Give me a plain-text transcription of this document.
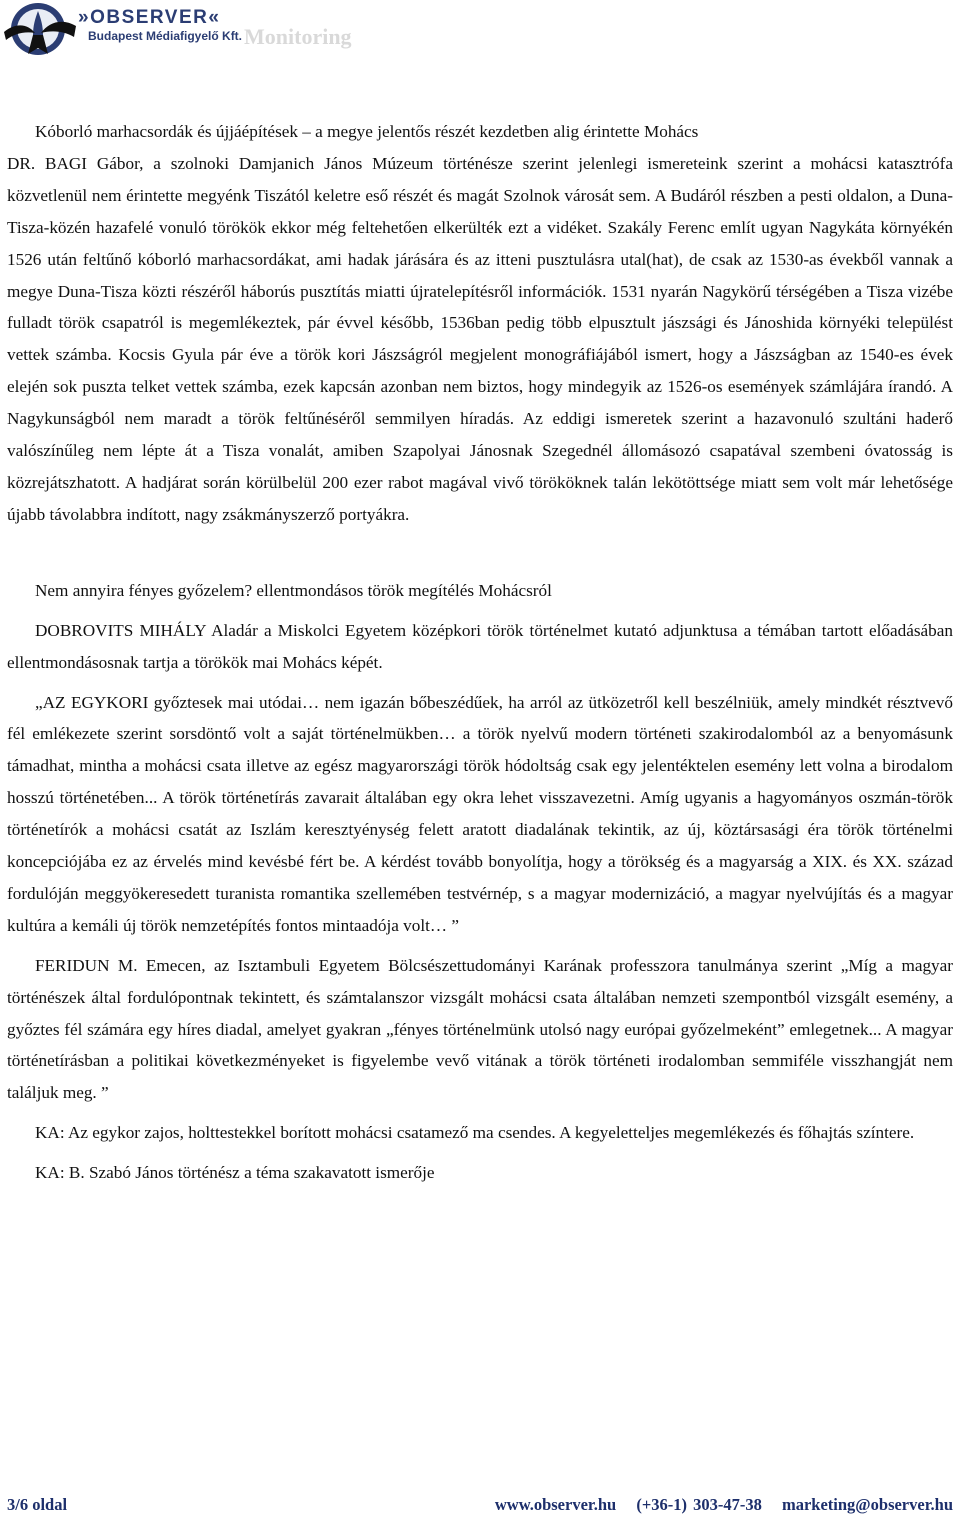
»OBSERVER«
Budapest Médiafigyelő Kft. Monitoring

Kóborló marhacsordák és újjáépítések – a megye jelentős részét kezdetben alig érintette Mohács

DR. BAGI Gábor, a szolnoki Damjanich János Múzeum történésze szerint jelenlegi ismereteink szerint a mohácsi katasztrófa közvetlenül nem érintette megyénk Tiszától keletre eső részét és magát Szolnok városát sem. A Budáról részben a pesti oldalon, a Duna-Tisza-közén hazafelé vonuló törökök ekkor még feltehetően elkerülték ezt a vidéket. Szakály Ferenc említ ugyan Nagykáta környékén 1526 után feltűnő kóborló marhacsordákat, ami hadak járására és az itteni pusztulásra utal(hat), de csak az 1530-as évekből vannak a megye Duna-Tisza közti részéről háborús pusztítás miatti újratelepítésről információk. 1531 nyarán Nagykörű térségében a Tisza vizébe fulladt török csapatról is megemlékeztek, pár évvel később, 1536ban pedig több elpusztult jászsági és Jánoshida környéki települést vettek számba. Kocsis Gyula pár éve a török kori Jászságról megjelent monográfiájából ismert, hogy a Jászságban az 1540-es évek elején sok puszta telket vettek számba, ezek kapcsán azonban nem biztos, hogy mindegyik az 1526-os események számlájára írandó. A Nagykunságból nem maradt a török feltűnéséről semmilyen híradás. Az eddigi ismeretek szerint a hazavonuló szultáni haderő valószínűleg nem lépte át a Tisza vonalát, amiben Szapolyai Jánosnak Szegednél állomásozó csapatával szembeni óvatosság is közrejátszhatott. A hadjárat során körülbelül 200 ezer rabot magával vivő törököknek talán lekötöttsége miatt sem volt már lehetősége újabb távolabbra indított, nagy zsákmányszerző portyákra.

Nem annyira fényes győzelem? ellentmondásos török megítélés Mohácsról

DOBROVITS MIHÁLY Aladár a Miskolci Egyetem középkori török történelmet kutató adjunktusa a témában tartott előadásában ellentmondásosnak tartja a törökök mai Mohács képét.

„AZ EGYKORI győztesek mai utódai… nem igazán bőbeszédűek, ha arról az ütközetről kell beszélniük, amely mindkét résztvevő fél emlékezete szerint sorsdöntő volt a saját történelmükben… a török nyelvű modern történeti szakirodalomból az a benyomásunk támadhat, mintha a mohácsi csata illetve az egész magyarországi török hódoltság csak egy jelentéktelen esemény lett volna a birodalom hosszú történetében... A török történetírás zavarait általában egy okra lehet visszavezetni. Amíg ugyanis a hagyományos oszmán-török történetírók a mohácsi csatát az Iszlám keresztyénység felett aratott diadalának tekintik, az új, köztársasági éra török történelmi koncepciójába ez az érvelés mind kevésbé fért be. A kérdést tovább bonyolítja, hogy a törökség és a magyarság a XIX. és XX. század fordulóján meggyökeresedett turanista romantika szellemében testvérnép, s a magyar modernizáció, a magyar nyelvújítás és a magyar kultúra a kemáli új török nemzetépítés fontos mintaadója volt… ”

FERIDUN M. Emecen, az Isztambuli Egyetem Bölcsészettudományi Karának professzora tanulmánya szerint „Míg a magyar történészek által fordulópontnak tekintett, és számtalanszor vizsgált mohácsi csata általában nemzeti szempontból vizsgált esemény, a győztes fél számára egy híres diadal, amelyet gyakran „fényes történelmünk utolsó nagy európai győzelmeként” emlegetnek... A magyar történetírásban a politikai következményeket is figyelembe vevő vitának a török történeti irodalomban semmiféle visszhangját nem találjuk meg. ”

KA: Az egykor zajos, holttestekkel borított mohácsi csatamező ma csendes. A kegyeletteljes megemlékezés és főhajtás színtere.

KA: B. Szabó János történész a téma szakavatott ismerője

3/6 oldal	www.observer.hu (+36-1) 303-47-38 marketing@observer.hu
